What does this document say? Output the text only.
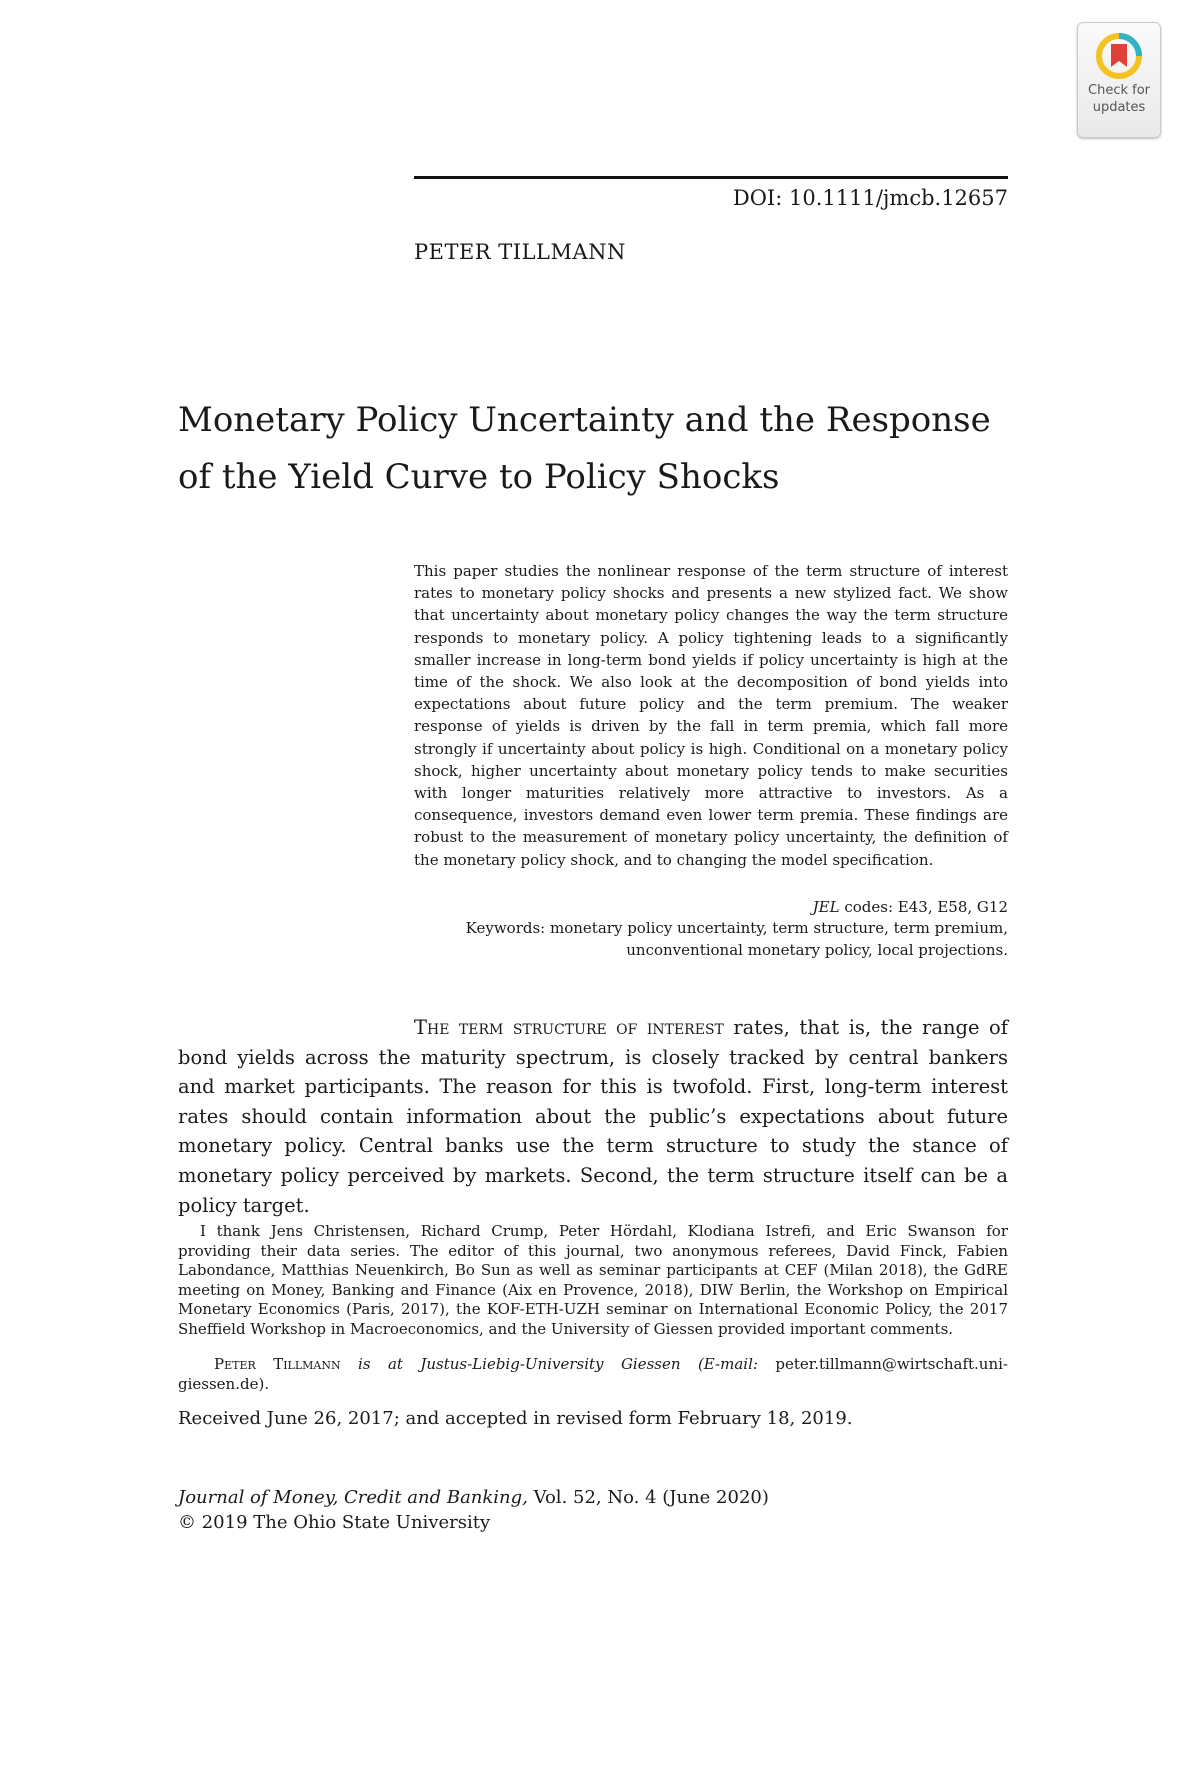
Check for
updates
DOI: 10.1111/jmcb.12657
PETER TILLMANN
Monetary Policy Uncertainty and the Response of the Yield Curve to Policy Shocks

This paper studies the nonlinear response of the term structure of interest rates to monetary policy shocks and presents a new stylized fact. We show that uncertainty about monetary policy changes the way the term structure responds to monetary policy. A policy tightening leads to a significantly smaller increase in long-term bond yields if policy uncertainty is high at the time of the shock. We also look at the decomposition of bond yields into expectations about future policy and the term premium. The weaker response of yields is driven by the fall in term premia, which fall more strongly if uncertainty about policy is high. Conditional on a monetary policy shock, higher uncertainty about monetary policy tends to make securities with longer maturities relatively more attractive to investors. As a consequence, investors demand even lower term premia. These findings are robust to the measurement of monetary policy uncertainty, the definition of the monetary policy shock, and to changing the model specification.

JEL codes: E43, E58, G12
Keywords: monetary policy uncertainty, term structure, term premium,
unconventional monetary policy, local projections.

The term structure of interest rates, that is, the range of bond yields across the maturity spectrum, is closely tracked by central bankers and market participants. The reason for this is twofold. First, long-term interest rates should contain information about the public’s expectations about future monetary policy. Central banks use the term structure to study the stance of monetary policy perceived by markets. Second, the term structure itself can be a policy target.

I thank Jens Christensen, Richard Crump, Peter Hördahl, Klodiana Istrefi, and Eric Swanson for providing their data series. The editor of this journal, two anonymous referees, David Finck, Fabien Labondance, Matthias Neuenkirch, Bo Sun as well as seminar participants at CEF (Milan 2018), the GdRE meeting on Money, Banking and Finance (Aix en Provence, 2018), DIW Berlin, the Workshop on Empirical Monetary Economics (Paris, 2017), the KOF-ETH-UZH seminar on International Economic Policy, the 2017 Sheffield Workshop in Macroeconomics, and the University of Giessen provided important comments.

Peter Tillmann is at Justus-Liebig-University Giessen (E-mail: peter.tillmann@wirtschaft.uni-giessen.de).

Received June 26, 2017; and accepted in revised form February 18, 2019.
Journal of Money, Credit and Banking, Vol. 52, No. 4 (June 2020)
© 2019 The Ohio State University
